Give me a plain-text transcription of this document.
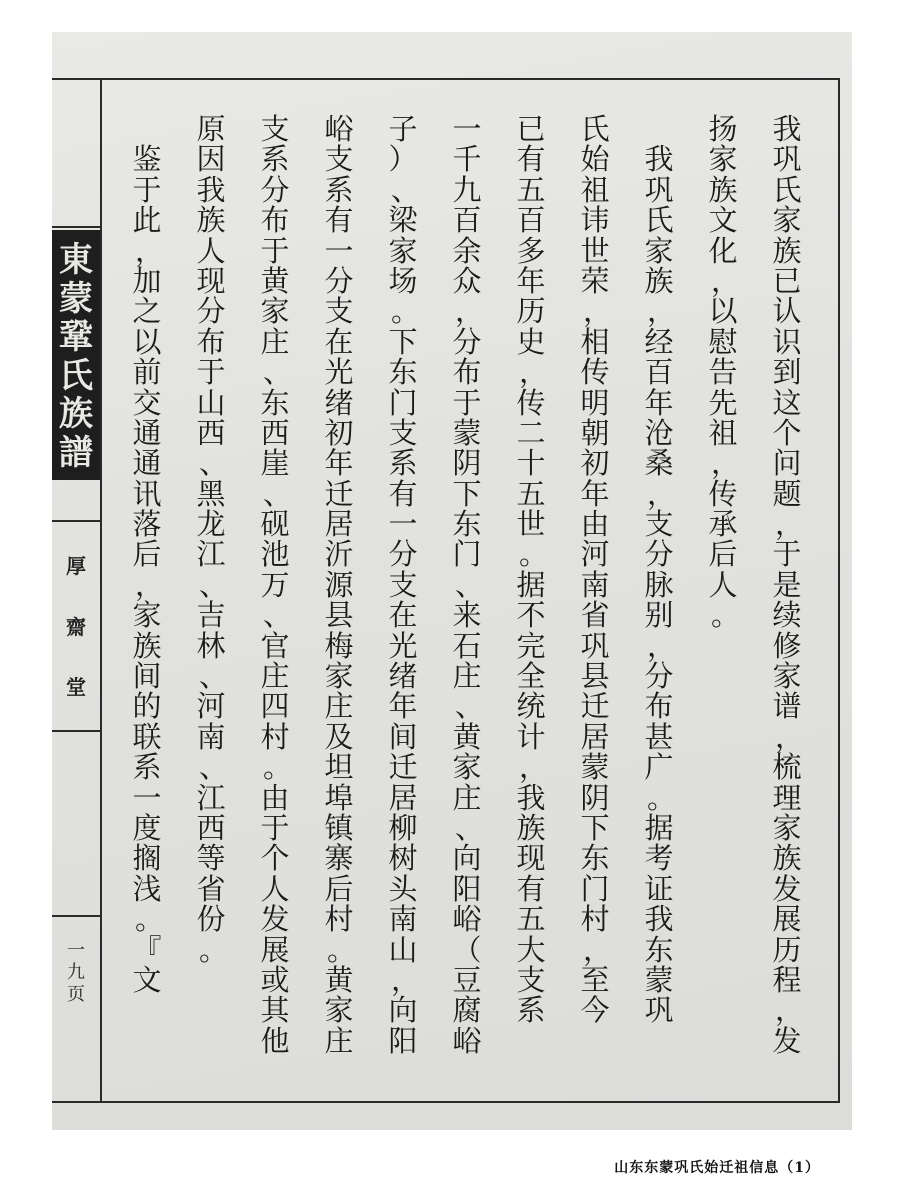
東
蒙
鞏
氏
族
譜
厚
齋
堂
一
九
页
我
巩
氏
家
族
已
认
识
到
这
个
问
题
，
于
是
续
修
家
谱
，
梳
理
家
族
发
展
历
程
，
发
扬
家
族
文
化
，
以
慰
告
先
祖
，
传
承
后
人
。

我
巩
氏
家
族
，
经
百
年
沧
桑
，
支
分
脉
别
，
分
布
甚
广
。
据
考
证
我
东
蒙
巩
氏
始
祖
讳
世
荣
，
相
传
明
朝
初
年
由
河
南
省
巩
县
迁
居
蒙
阴
下
东
门
村
，
至
今
已
有
五
百
多
年
历
史
，
传
二
十
五
世
。
据
不
完
全
统
计
，
我
族
现
有
五
大
支
系
一
千
九
百
余
众
，
分
布
于
蒙
阴
下
东
门
、
来
石
庄
、
黄
家
庄
、
向
阳
峪
（
豆
腐
峪
子
）
、
梁
家
场
。
下
东
门
支
系
有
一
分
支
在
光
绪
年
间
迁
居
柳
树
头
南
山
，
向
阳
峪
支
系
有
一
分
支
在
光
绪
初
年
迁
居
沂
源
县
梅
家
庄
及
坦
埠
镇
寨
后
村
。
黄
家
庄
支
系
分
布
于
黄
家
庄
、
东
西
崖
、
砚
池
万
、
官
庄
四
村
。
由
于
个
人
发
展
或
其
他
原
因
我
族
人
现
分
布
于
山
西
、
黑
龙
江
、
吉
林
、
河
南
、
江
西
等
省
份
。

鉴
于
此
，
加
之
以
前
交
通
通
讯
落
后
，
家
族
间
的
联
系
一
度
搁
浅
。
『
文
山东东蒙巩氏始迁祖信息（1）
